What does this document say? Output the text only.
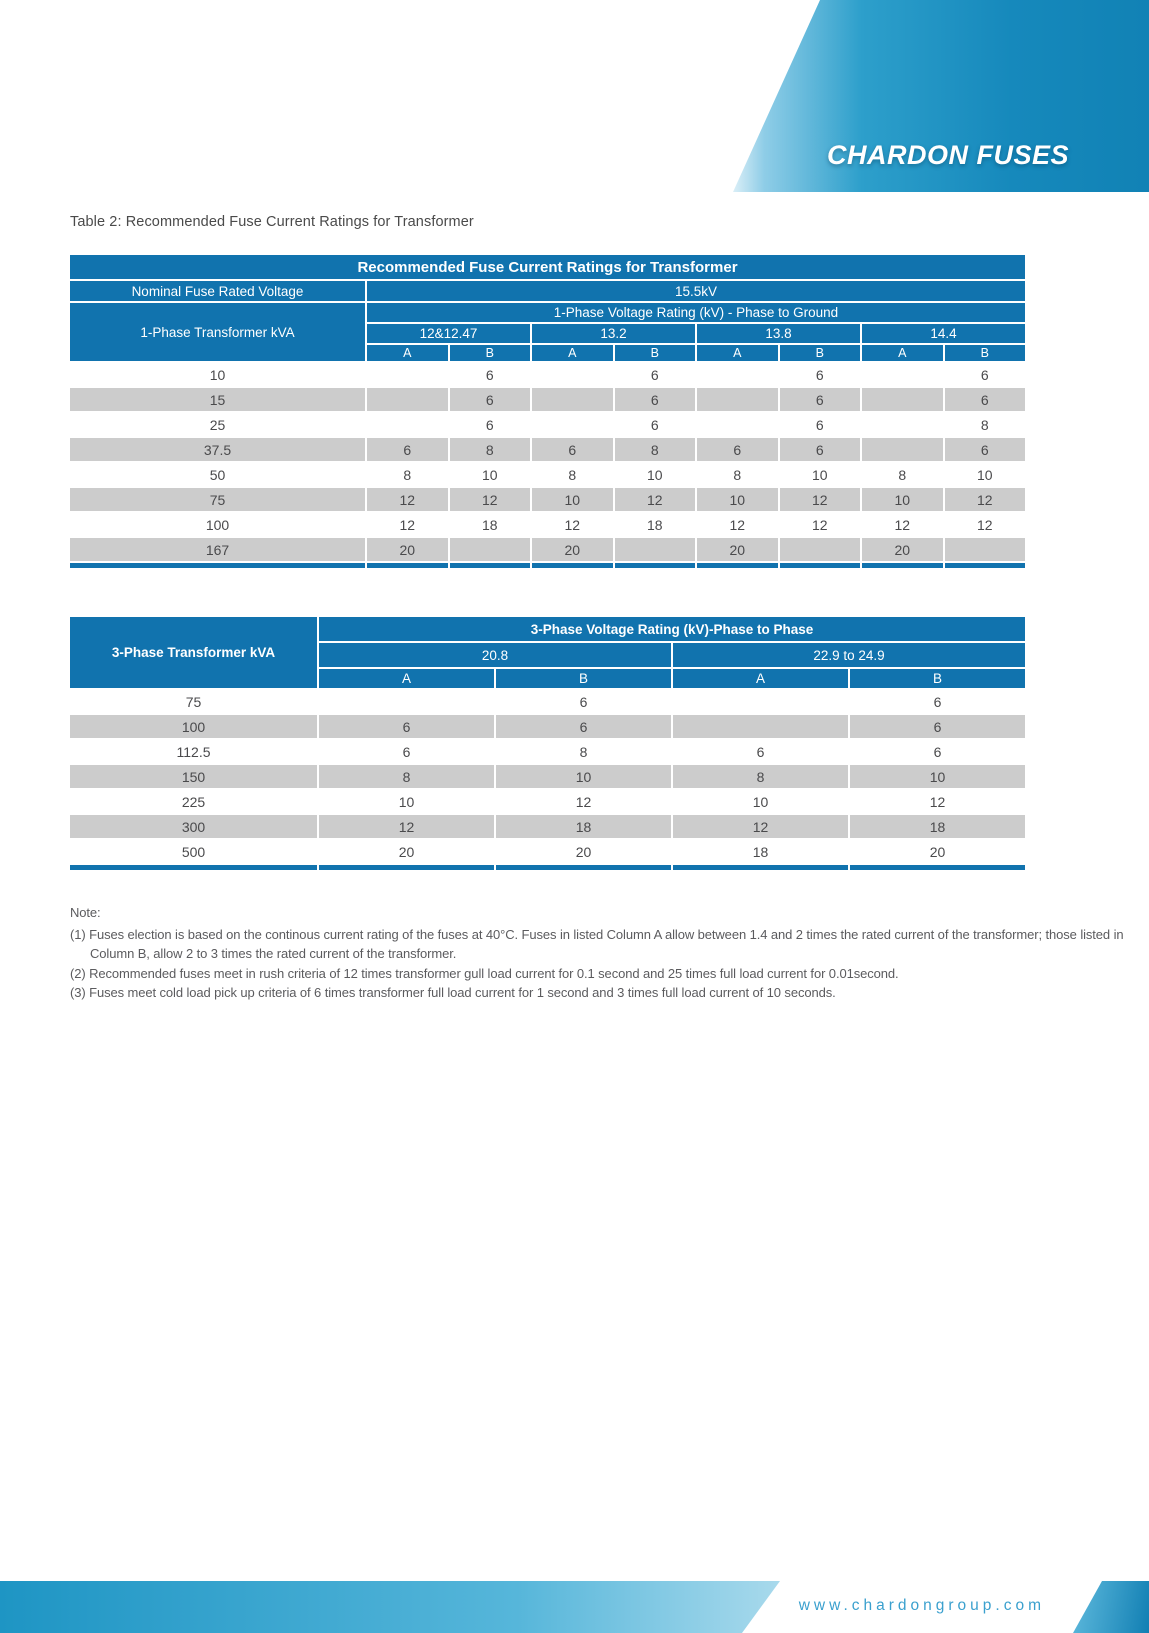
CHARDON FUSES
Table 2: Recommended Fuse Current Ratings for Transformer
Recommended Fuse Current Ratings for Transformer								
Nominal Fuse Rated Voltage	15.5kV							
1-Phase Transformer kVA	1-Phase Voltage Rating (kV) - Phase to Ground							
	12&12.47		13.2		13.8		14.4	
	A	B	A	B	A	B	A	B
10		6		6		6		6
15		6		6		6		6
25		6		6		6		8
37.5	6	8	6	8	6	6		6
50	8	10	8	10	8	10	8	10
75	12	12	10	12	10	12	10	12
100	12	18	12	18	12	12	12	12
167	20		20		20		20	

3-Phase Transformer kVA	3-Phase Voltage Rating (kV)-Phase to Phase			
	20.8		22.9 to 24.9	
	A	B	A	B
75		6		6
100	6	6		6
112.5	6	8	6	6
150	8	10	8	10
225	10	12	10	12
300	12	18	12	18
500	20	20	18	20

Note:
(1) Fuses election is based on the continous current rating of the fuses at 40°C. Fuses in listed Column A allow between 1.4 and 2 times the rated current of the transformer; those listed in Column B, allow 2 to 3 times the rated current of the transformer.
(2) Recommended fuses meet in rush criteria of 12 times transformer gull load current for 0.1 second and 25 times full load current for 0.01second.
(3) Fuses meet cold load pick up criteria of 6 times transformer full load current for 1 second and 3 times full load current of 10 seconds.
www.chardongroup.com
